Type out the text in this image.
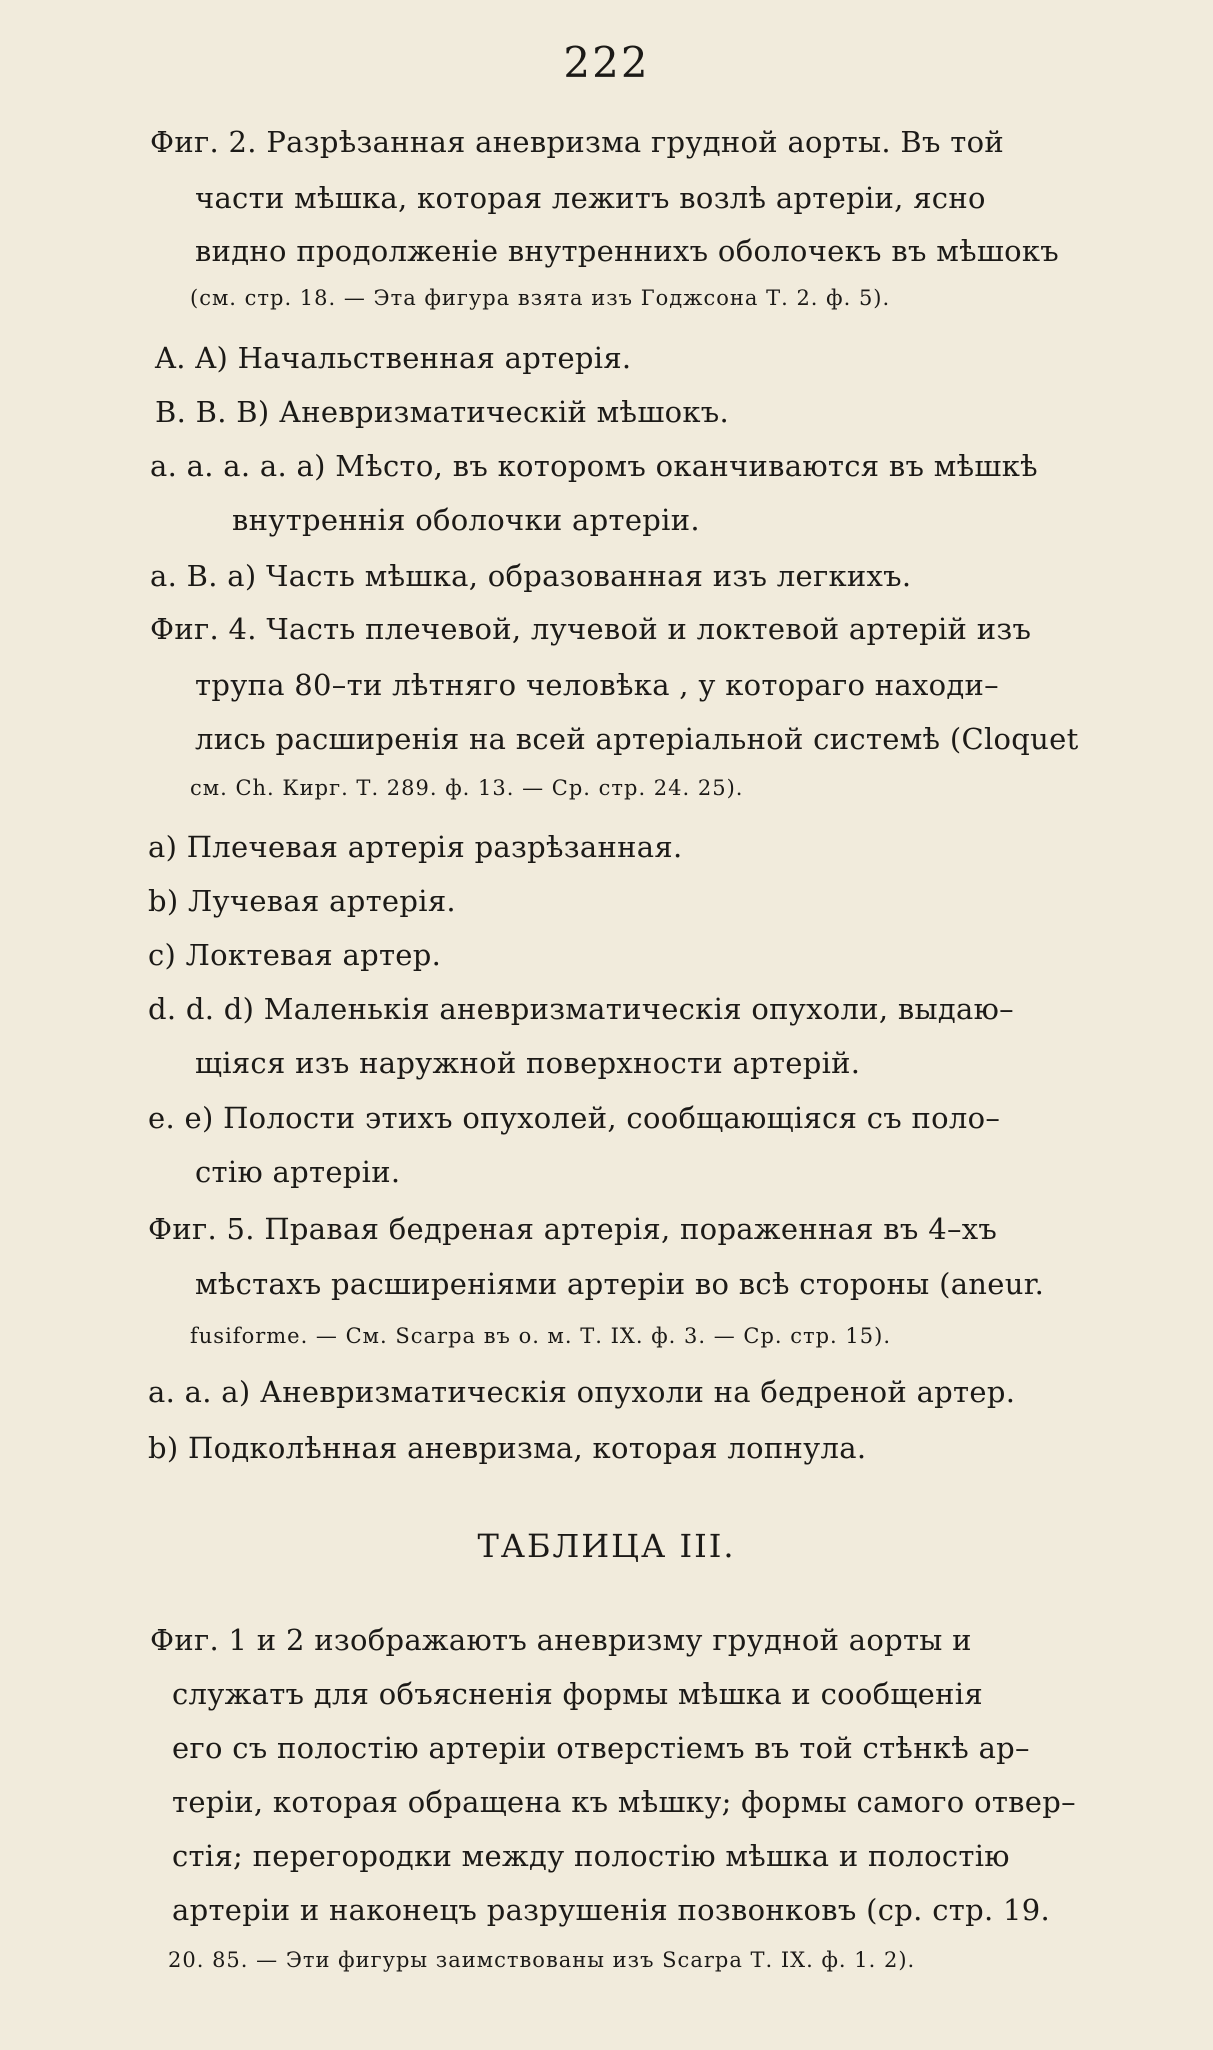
222
Фиг. 2. Разрѣзанная аневризма грудной аорты. Въ той
части мѣшка, которая лежитъ возлѣ артеріи, ясно
видно продолженіе внутреннихъ оболочекъ въ мѣшокъ
(см. стр. 18. — Эта фигура взята изъ Годжсона Т. 2. ф. 5).
A. A) Начальственная артерія.
B. B. B) Аневризматическій мѣшокъ.
a. a. a. a. a) Мѣсто, въ которомъ оканчиваются въ мѣшкѣ
внутреннія оболочки артеріи.
a. B. a) Часть мѣшка, образованная изъ легкихъ.
Фиг. 4. Часть плечевой, лучевой и локтевой артерій изъ
трупа 80–ти лѣтняго человѣка , у котораго находи–
лись расширенія на всей артеріальной системѣ (Cloquet
см. Ch. Кирг. Т. 289. ф. 13. — Ср. стр. 24. 25).
a) Плечевая артерія разрѣзанная.
b) Лучевая артерія.
c) Локтевая артер.
d. d. d) Маленькія аневризматическія опухоли, выдаю–
щіяся изъ наружной поверхности артерій.
e. e) Полости этихъ опухолей, сообщающіяся съ поло–
стію артеріи.
Фиг. 5. Правая бедреная артерія, пораженная въ 4–хъ
мѣстахъ расширеніями артеріи во всѣ стороны (aneur.
fusiforme. — См. Scarpa въ о. м. Т. IX. ф. 3. — Ср. стр. 15).
a. a. a) Аневризматическія опухоли на бедреной артер.
b) Подколѣнная аневризма, которая лопнула.
ТАБЛИЦА III.
Фиг. 1 и 2 изображаютъ аневризму грудной аорты и
служатъ для объясненія формы мѣшка и сообщенія
его съ полостію артеріи отверстіемъ въ той стѣнкѣ ар–
теріи, которая обращена къ мѣшку; формы самого отвер–
стія; перегородки между полостію мѣшка и полостію
артеріи и наконецъ разрушенія позвонковъ (ср. стр. 19.
20. 85. — Эти фигуры заимствованы изъ Scarpa Т. IX. ф. 1. 2).
